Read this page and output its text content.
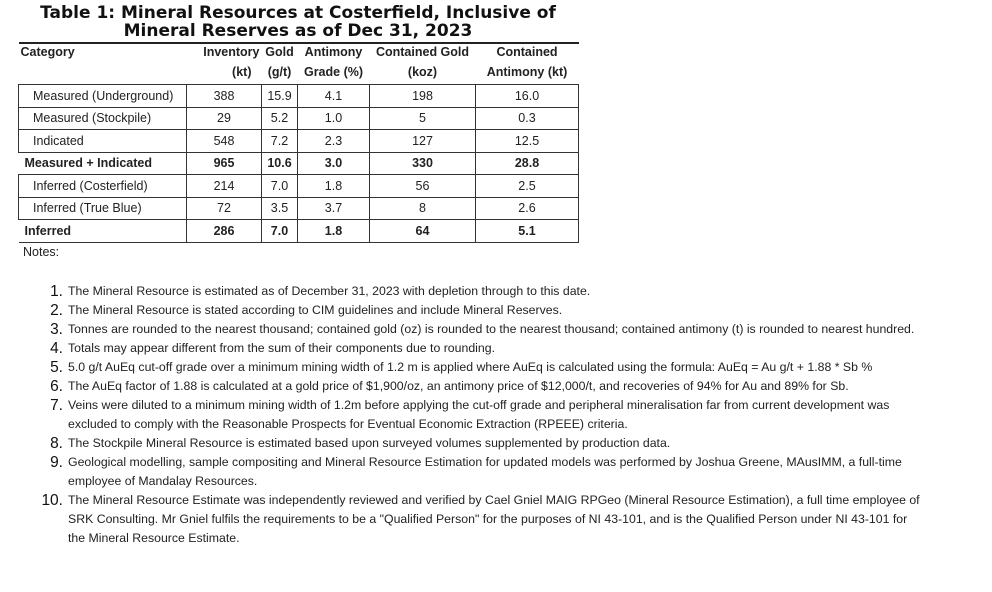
Table 1: Mineral Resources at Costerfield, Inclusive of
Mineral Reserves as of Dec 31, 2023
Category	Inventory	Gold	Antimony	Contained Gold	Contained
	(kt)	(g/t)	Grade (%)	(koz)	Antimony (kt)
Measured (Underground)	388	15.9	4.1	198	16.0
Measured (Stockpile)	29	5.2	1.0	5	0.3
Indicated	548	7.2	2.3	127	12.5
Measured + Indicated	965	10.6	3.0	330	28.8
Inferred (Costerfield)	214	7.0	1.8	56	2.5
Inferred (True Blue)	72	3.5	3.7	8	2.6
Inferred	286	7.0	1.8	64	5.1
Notes:
1. The Mineral Resource is estimated as of December 31, 2023 with depletion through to this date.
2. The Mineral Resource is stated according to CIM guidelines and include Mineral Reserves.
3. Tonnes are rounded to the nearest thousand; contained gold (oz) is rounded to the nearest thousand; contained antimony (t) is rounded to nearest hundred.
4. Totals may appear different from the sum of their components due to rounding.
5. 5.0 g/t AuEq cut-off grade over a minimum mining width of 1.2 m is applied where AuEq is calculated using the formula: AuEq = Au g/t + 1.88 * Sb %
6. The AuEq factor of 1.88 is calculated at a gold price of $1,900/oz, an antimony price of $12,000/t, and recoveries of 94% for Au and 89% for Sb.
7. Veins were diluted to a minimum mining width of 1.2m before applying the cut-off grade and peripheral mineralisation far from current development was excluded to comply with the Reasonable Prospects for Eventual Economic Extraction (RPEEE) criteria.
8. The Stockpile Mineral Resource is estimated based upon surveyed volumes supplemented by production data.
9. Geological modelling, sample compositing and Mineral Resource Estimation for updated models was performed by Joshua Greene, MAusIMM, a full-time employee of Mandalay Resources.
10. The Mineral Resource Estimate was independently reviewed and verified by Cael Gniel MAIG RPGeo (Mineral Resource Estimation), a full time employee of SRK Consulting. Mr Gniel fulfils the requirements to be a "Qualified Person" for the purposes of NI 43-101, and is the Qualified Person under NI 43-101 for the Mineral Resource Estimate.
